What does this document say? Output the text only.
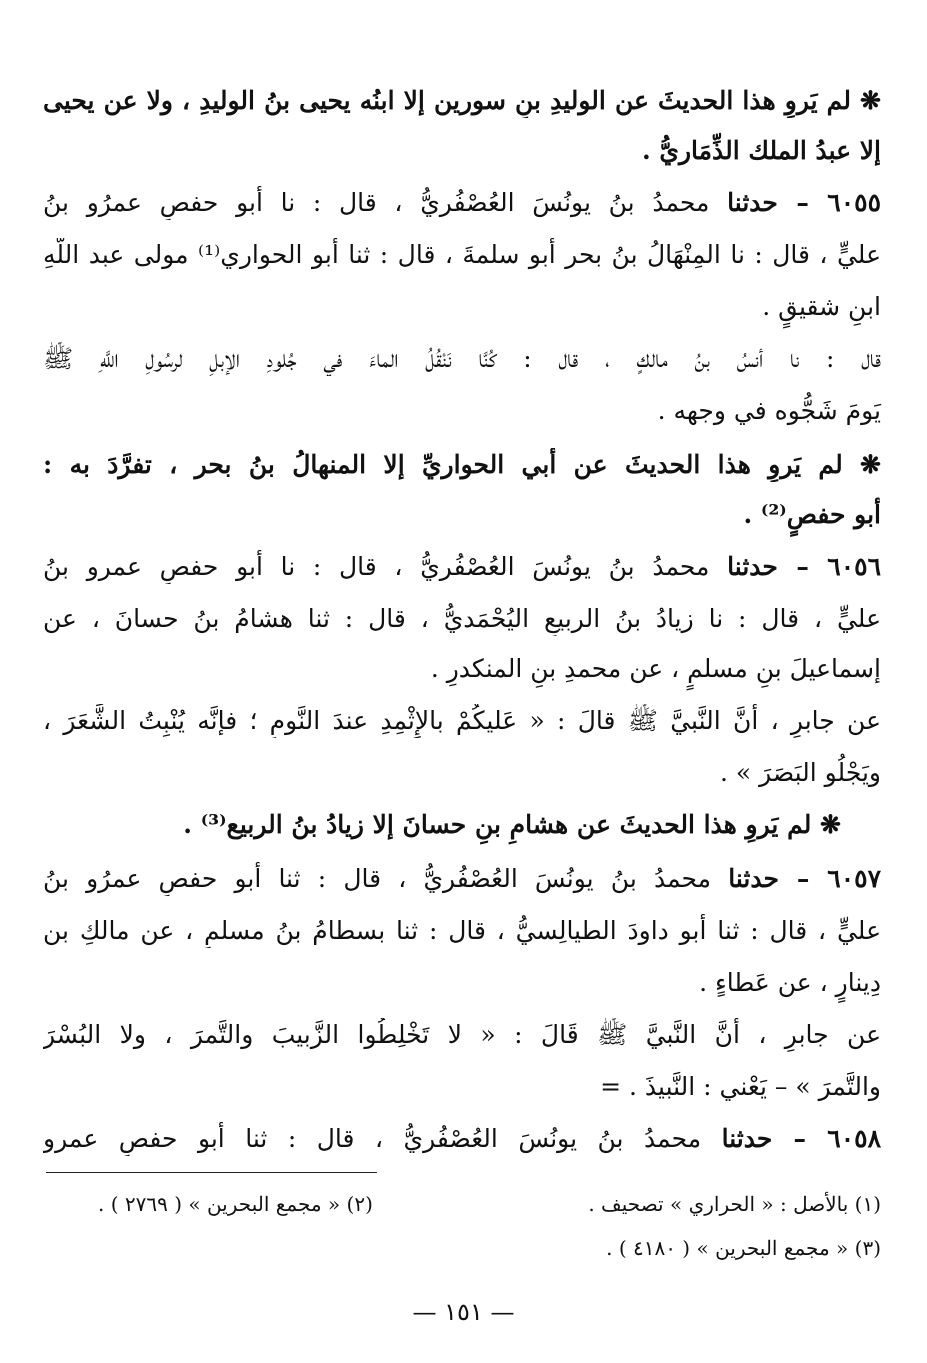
❋ لم يَروِ هذا الحديثَ عن الوليدِ بنِ سورين إلا ابنُه يحيى بنُ الوليدِ ، ولا عن يحيى
إلا عبدُ الملك الذِّمَاريُّ .
٦٠٥٥ – حدثنا محمدُ بنُ يونُسَ العُصْفُريُّ ، قال : نا أبو حفصٍ عمرُو بنُ
عليٍّ ، قال : نا المِنْهَالُ بنُ بحر أبو سلمةَ ، قال : ثنا أبو الحواري⁽¹⁾ مولى عبد اللَّهِ
ابنِ شقيقٍ .
قال : نا أنسُ بنُ مالكٍ ، قال : كُنَّا نَنْقُلُ الماءَ في جُلودِ الإبلِ لرسُولِ اللَّهِ ﷺ
يَومَ شَجُّوه في وجهه .
❋ لم يَروِ هذا الحديثَ عن أبي الحواريِّ إلا المنهالُ بنُ بحر ، تفرَّدَ به :
أبو حفصٍ⁽²⁾ .
٦٠٥٦ – حدثنا محمدُ بنُ يونُسَ العُصْفُريُّ ، قال : نا أبو حفصٍ عمرو بنُ
عليٍّ ، قال : نا زيادُ بنُ الربيعِ اليُحْمَديُّ ، قال : ثنا هشامُ بنُ حسانَ ، عن
إسماعيلَ بنِ مسلمٍ ، عن محمدِ بنِ المنكدرِ .
عن جابرٍ ، أنَّ النَّبيَّ ﷺ قالَ : « عَليكُمْ بالإِثْمِدِ عندَ النَّومِ ؛ فإنَّه يُنْبِتُ الشَّعَرَ ،
ويَجْلُو البَصَرَ » .
❋ لم يَروِ هذا الحديثَ عن هشامِ بنِ حسانَ إلا زيادُ بنُ الربيع⁽³⁾ .
٦٠٥٧ – حدثنا محمدُ بنُ يونُسَ العُصْفُريُّ ، قال : ثنا أبو حفصٍ عمرُو بنُ
عليٍّ ، قال : ثنا أبو داودَ الطيالِسيُّ ، قال : ثنا بسطامُ بنُ مسلمٍ ، عن مالكِ بن
دِينارٍ ، عن عَطاءٍ .
عن جابرٍ ، أَنَّ النَّبيَّ ﷺ قَالَ : « لا تَخْلِطُوا الزَّبيبَ والتَّمرَ ، ولا البُسْرَ
والتَّمرَ » – يَعْني : النَّبيذَ . =
٦٠٥٨ – حدثنا محمدُ بنُ يونُسَ العُصْفُريُّ ، قال : ثنا أبو حفصٍ عمرو
(١) بالأصل : « الحراري » تصحيف .
(٢) « مجمع البحرين » ( ٢٧٦٩ ) .
(٣) « مجمع البحرين » ( ٤١٨٠ ) .
— ١٥١ —
